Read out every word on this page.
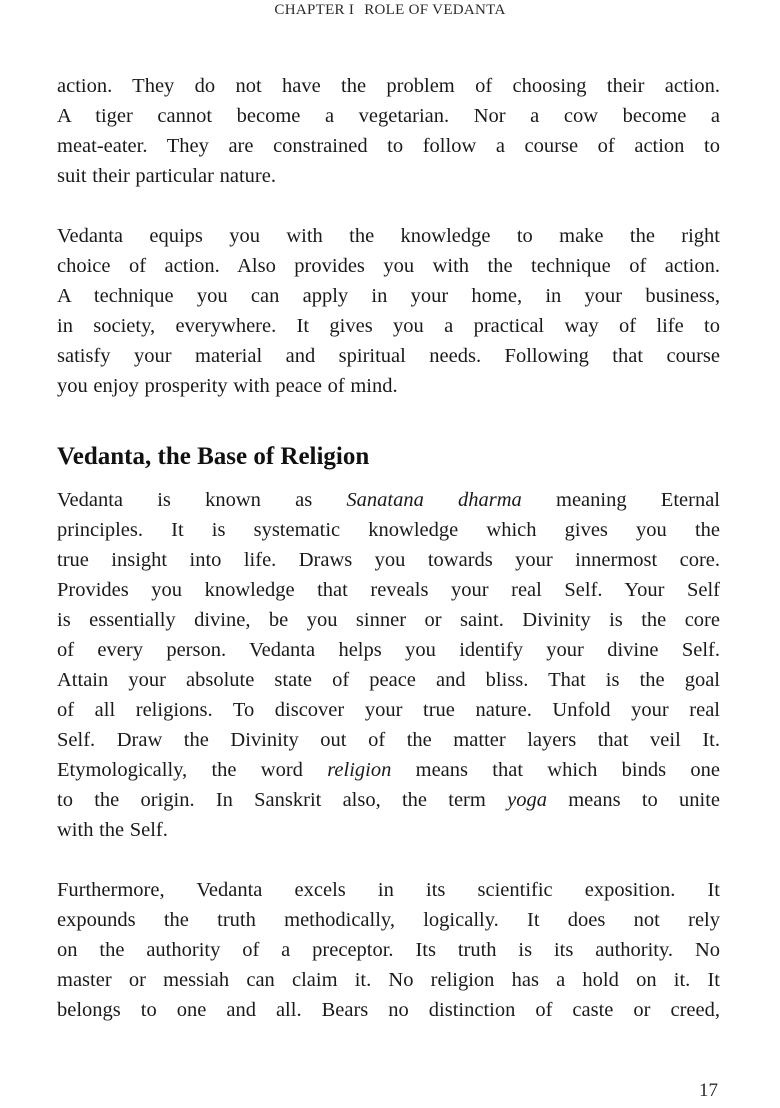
CHAPTER I ROLE OF VEDANTA

action. They do not have the problem of choosing their action.
A tiger cannot become a vegetarian. Nor a cow become a
meat-eater. They are constrained to follow a course of action to
suit their particular nature.

Vedanta equips you with the knowledge to make the right
choice of action. Also provides you with the technique of action.
A technique you can apply in your home, in your business,
in society, everywhere. It gives you a practical way of life to
satisfy your material and spiritual needs. Following that course
you enjoy prosperity with peace of mind.

Vedanta, the Base of Religion

Vedanta is known as Sanatana dharma meaning Eternal
principles. It is systematic knowledge which gives you the
true insight into life. Draws you towards your innermost core.
Provides you knowledge that reveals your real Self. Your Self
is essentially divine, be you sinner or saint. Divinity is the core
of every person. Vedanta helps you identify your divine Self.
Attain your absolute state of peace and bliss. That is the goal
of all religions. To discover your true nature. Unfold your real
Self. Draw the Divinity out of the matter layers that veil It.
Etymologically, the word religion means that which binds one
to the origin. In Sanskrit also, the term yoga means to unite
with the Self.

Furthermore, Vedanta excels in its scientific exposition. It
expounds the truth methodically, logically. It does not rely
on the authority of a preceptor. Its truth is its authority. No
master or messiah can claim it. No religion has a hold on it. It
belongs to one and all. Bears no distinction of caste or creed,

17
